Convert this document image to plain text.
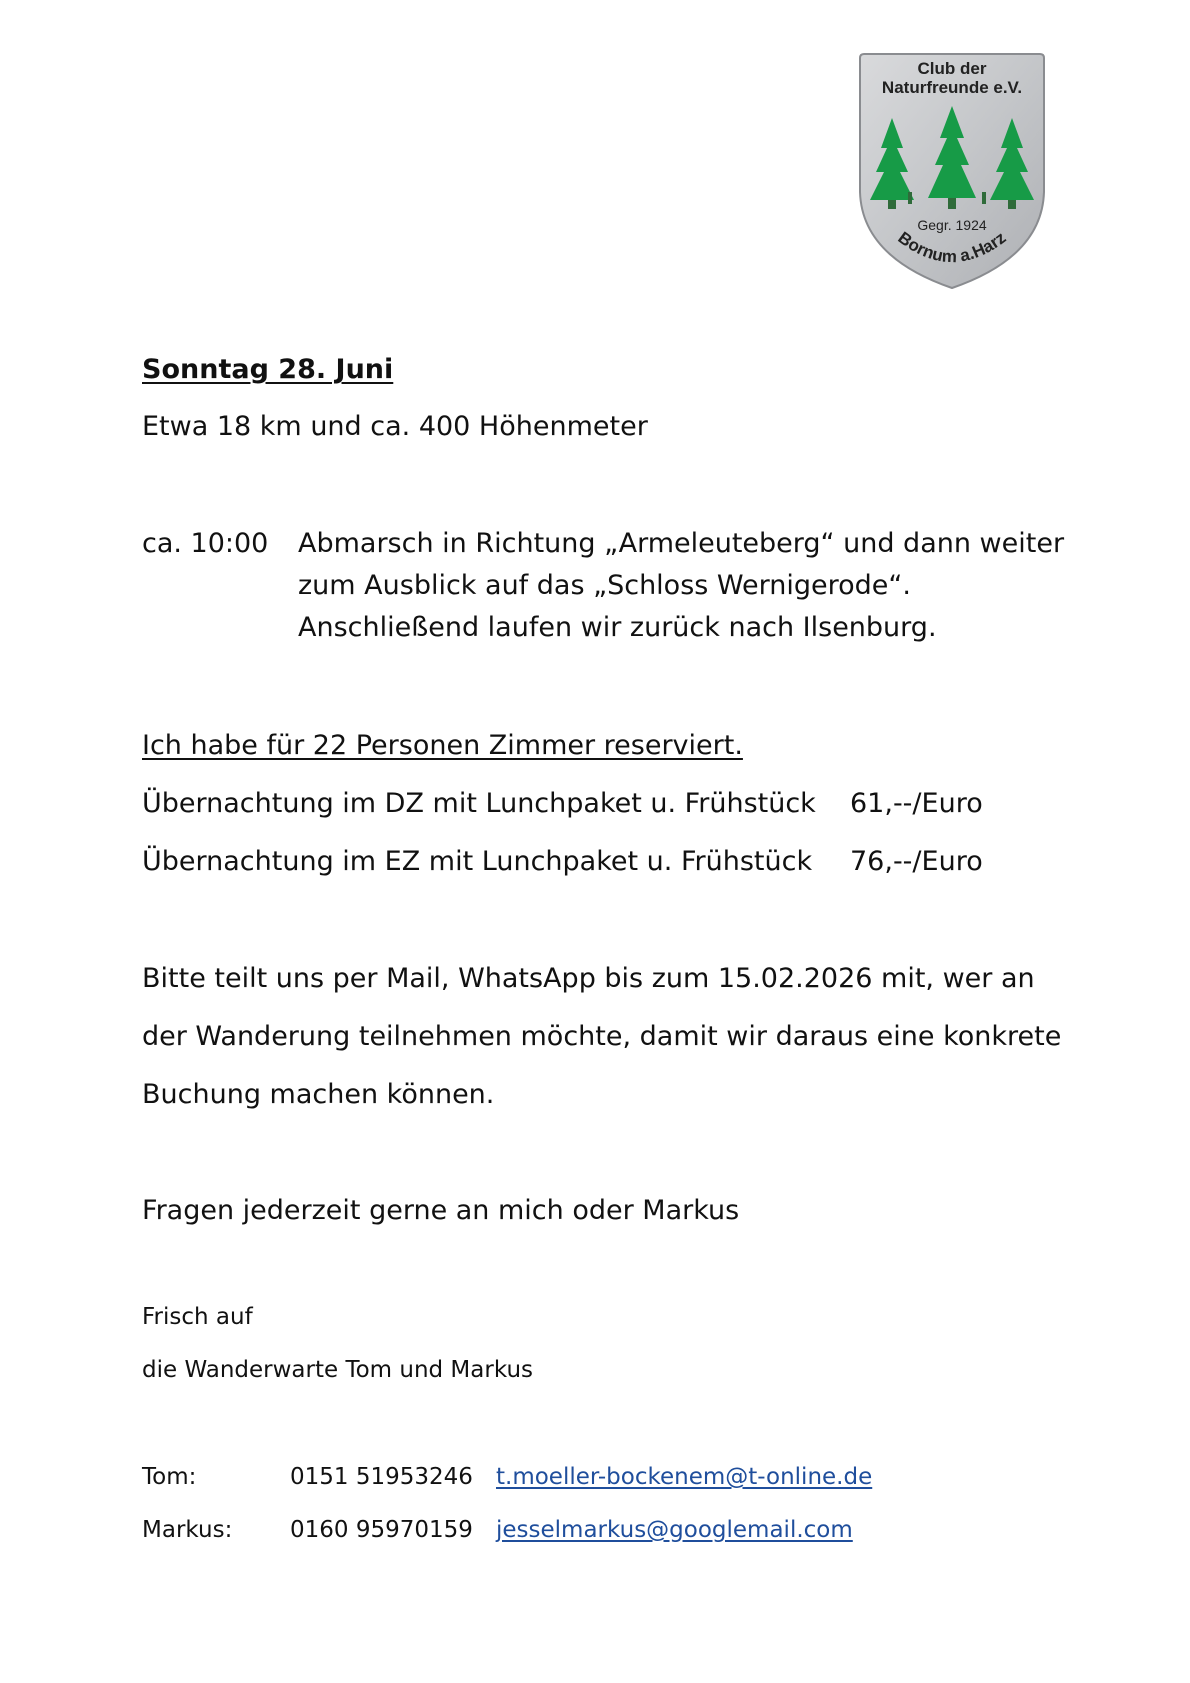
Club der
Naturfreunde e.V.
Gegr. 1924
Bornum a.Harz
Sonntag 28. Juni
Etwa 18 km und ca. 400 Höhenmeter
ca. 10:00 Abmarsch in Richtung „Armeleuteberg“ und dann weiter
zum Ausblick auf das „Schloss Wernigerode“.
Anschließend laufen wir zurück nach Ilsenburg.
Ich habe für 22 Personen Zimmer reserviert.
Übernachtung im DZ mit Lunchpaket u. Frühstück 61,--/Euro
Übernachtung im EZ mit Lunchpaket u. Frühstück 76,--/Euro
Bitte teilt uns per Mail, WhatsApp bis zum 15.02.2026 mit, wer an
der Wanderung teilnehmen möchte, damit wir daraus eine konkrete
Buchung machen können.
Fragen jederzeit gerne an mich oder Markus
Frisch auf
die Wanderwarte Tom und Markus
Tom:	0151 51953246 t.moeller-bockenem@t-online.de
Markus:	0160 95970159 jesselmarkus@googlemail.com
